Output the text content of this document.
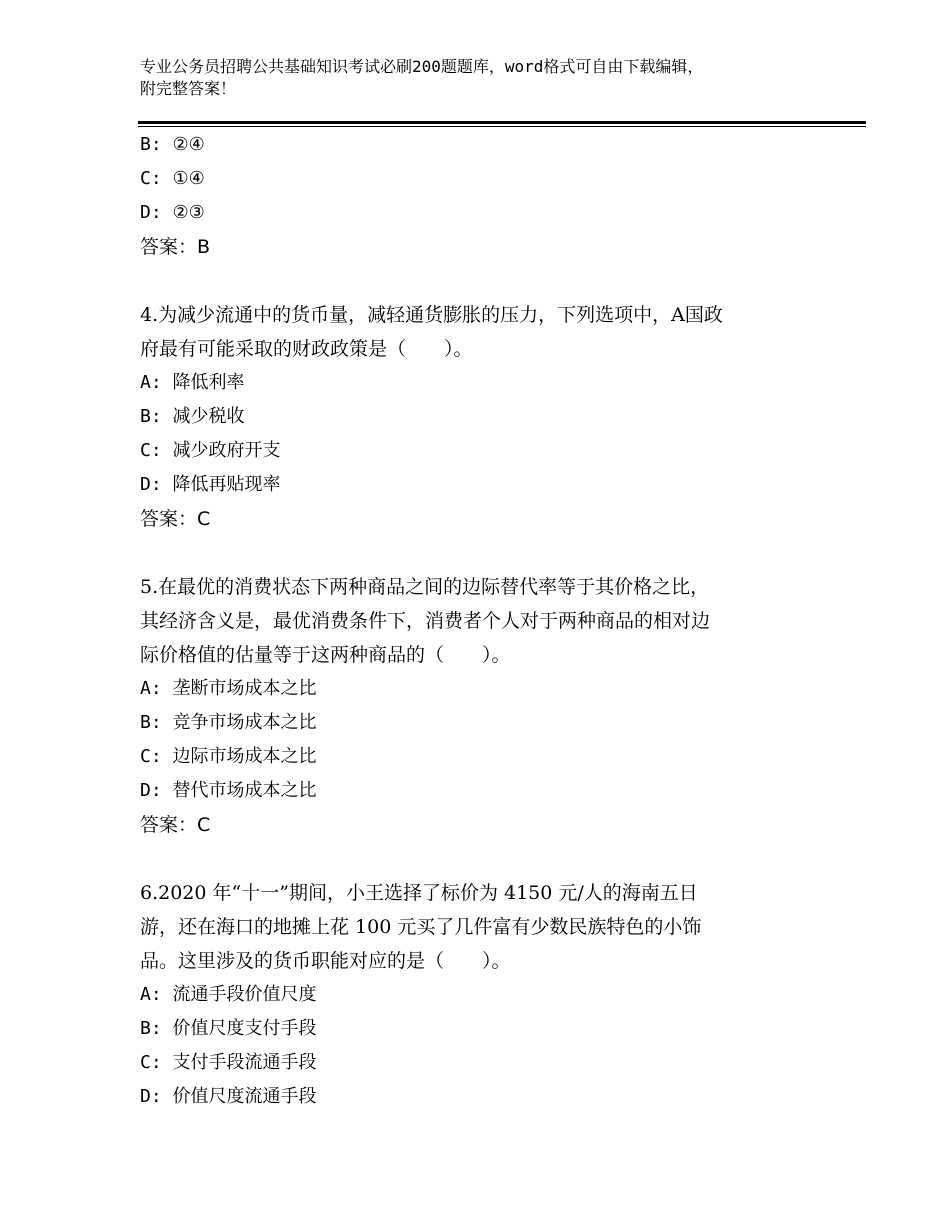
专业公务员招聘公共基础知识考试必刷200题题库，word格式可自由下载编辑，
附完整答案！
B: ②④
C: ①④
D: ②③
答案：B
4.为减少流通中的货币量，减轻通货膨胀的压力，下列选项中，A国政
府最有可能采取的财政政策是（　　）。
A: 降低利率
B: 减少税收
C: 减少政府开支
D: 降低再贴现率
答案：C
5.在最优的消费状态下两种商品之间的边际替代率等于其价格之比，
其经济含义是，最优消费条件下，消费者个人对于两种商品的相对边
际价格值的估量等于这两种商品的（　　）。
A: 垄断市场成本之比
B: 竞争市场成本之比
C: 边际市场成本之比
D: 替代市场成本之比
答案：C
6.2020 年“十一”期间，小王选择了标价为 4150 元/人的海南五日
游，还在海口的地摊上花 100 元买了几件富有少数民族特色的小饰
品。这里涉及的货币职能对应的是（　　）。
A: 流通手段价值尺度
B: 价值尺度支付手段
C: 支付手段流通手段
D: 价值尺度流通手段
